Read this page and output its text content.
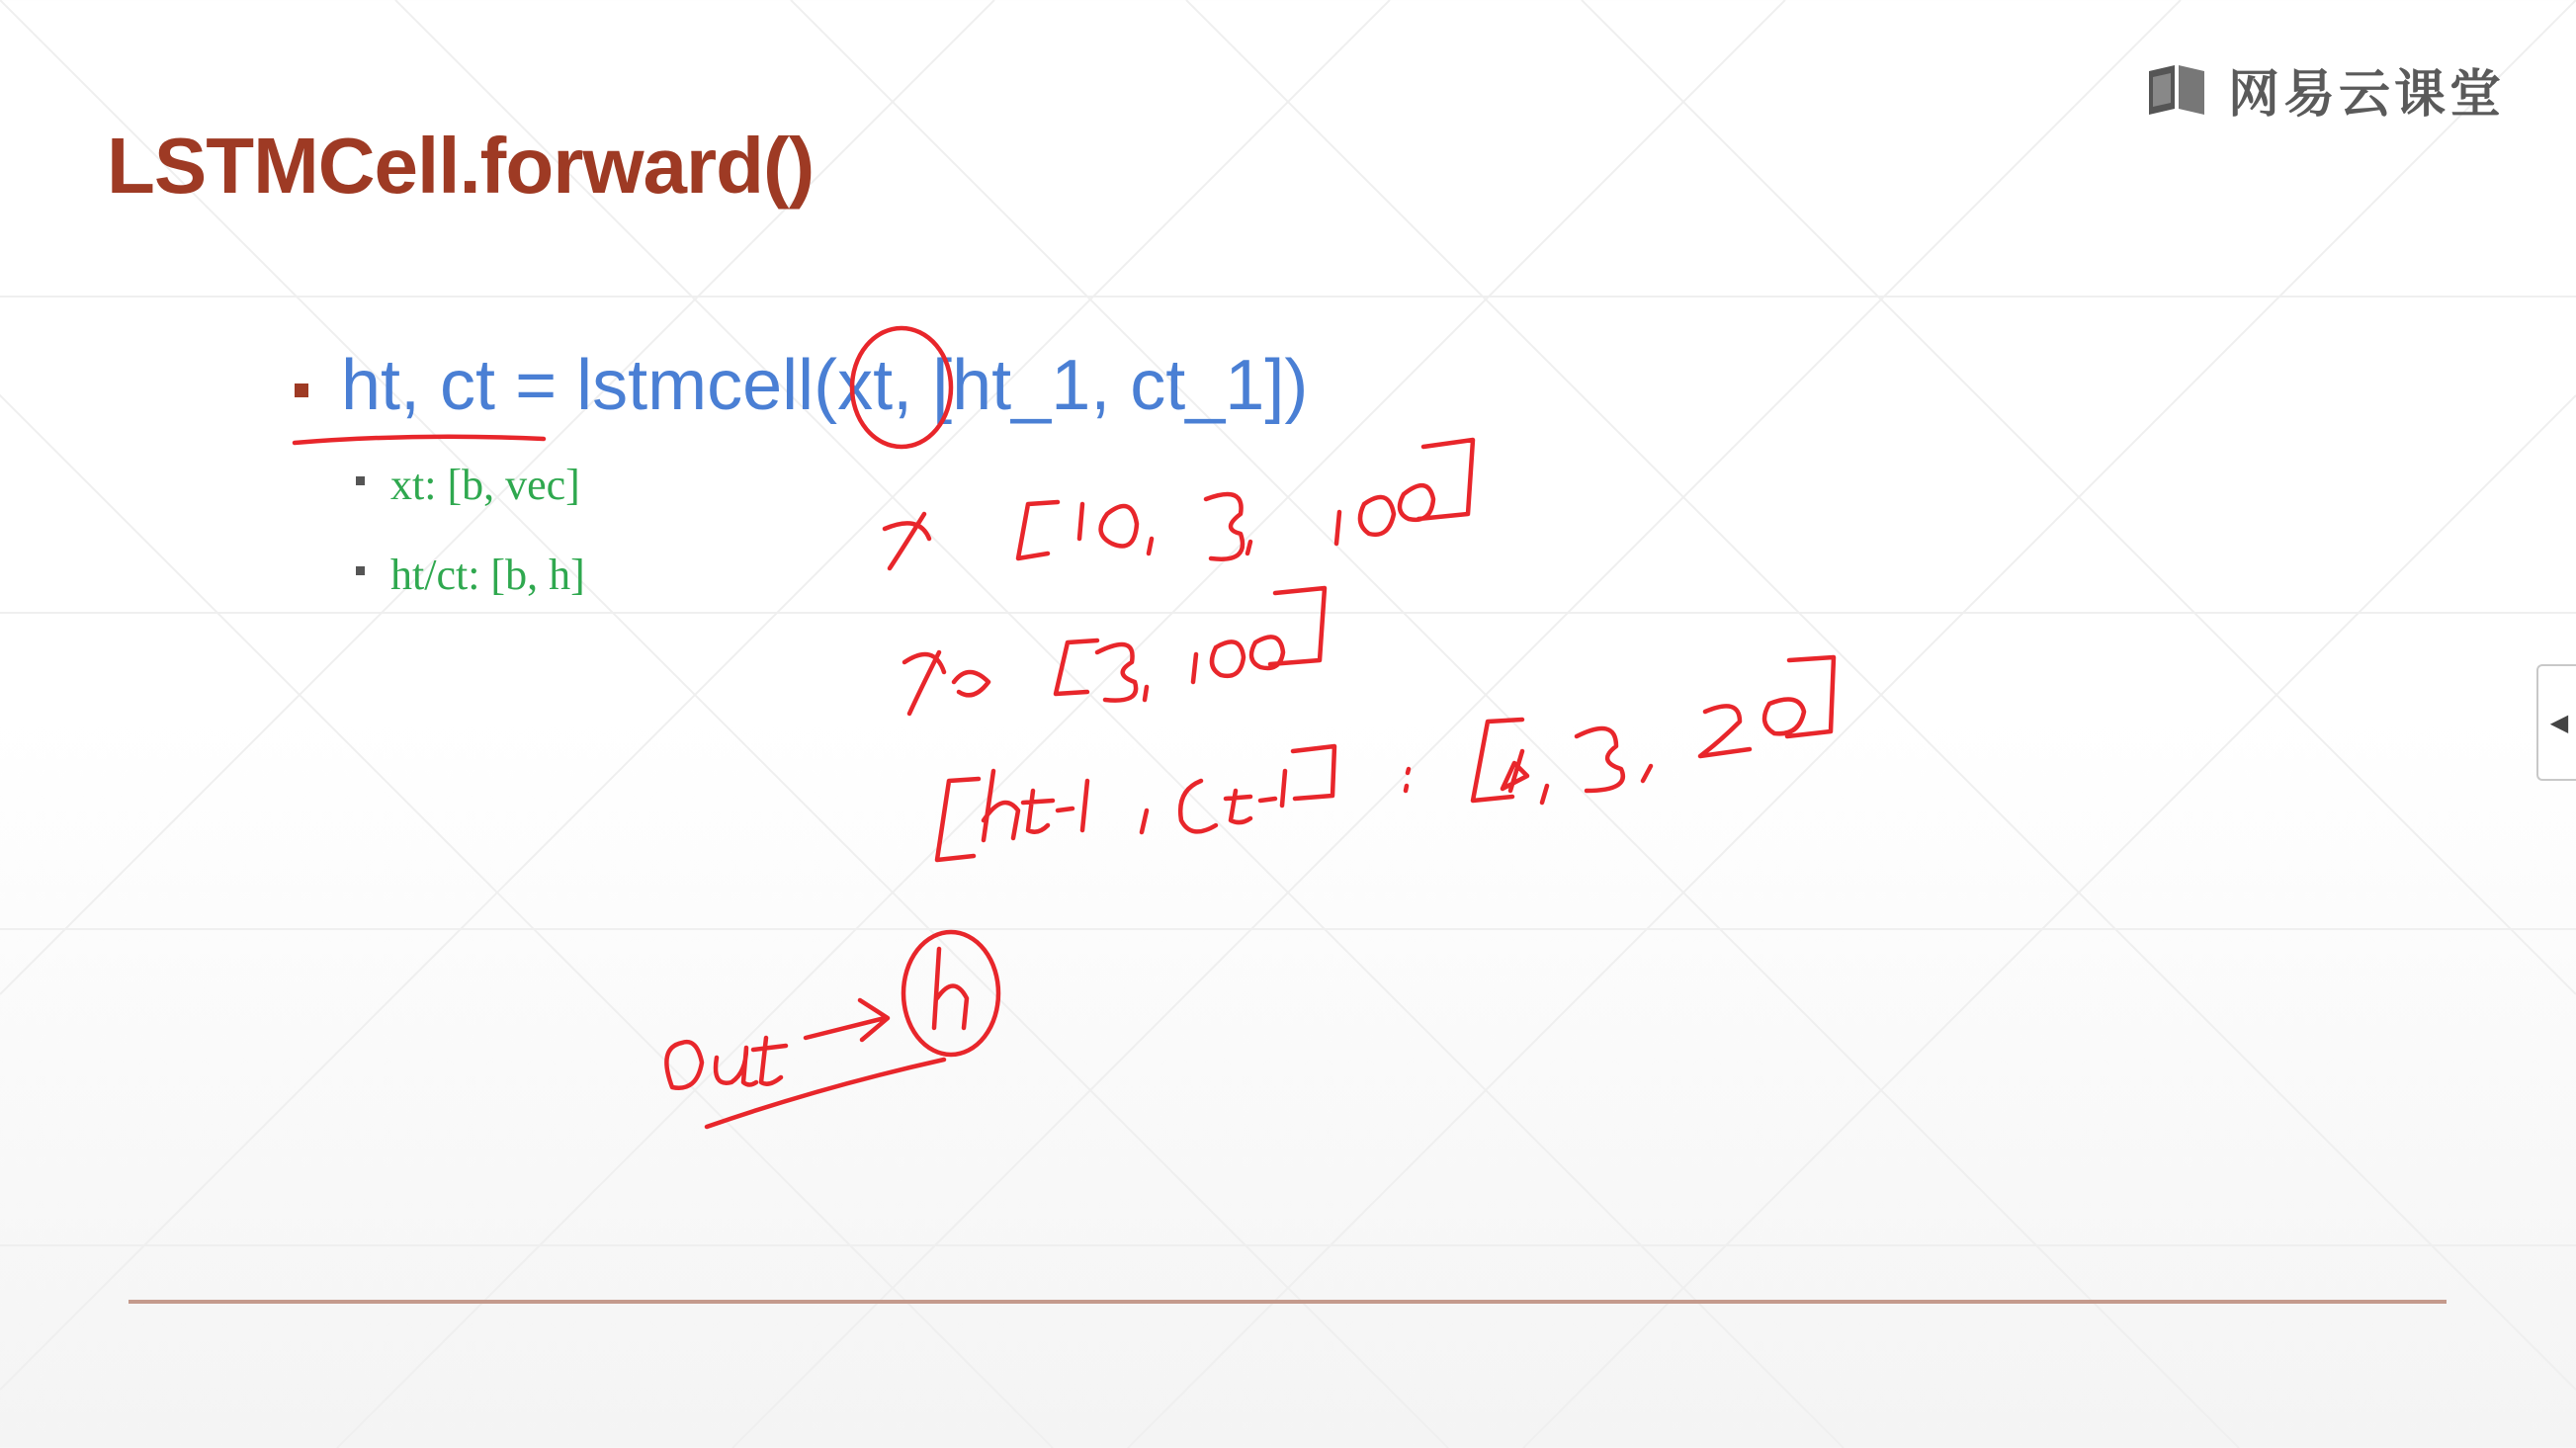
LSTMCell.forward()
网易云课堂

ht, ct = lstmcell(xt, [ht_1, ct_1])

xt: [b, vec]

ht/ct: [b, h]

◀
